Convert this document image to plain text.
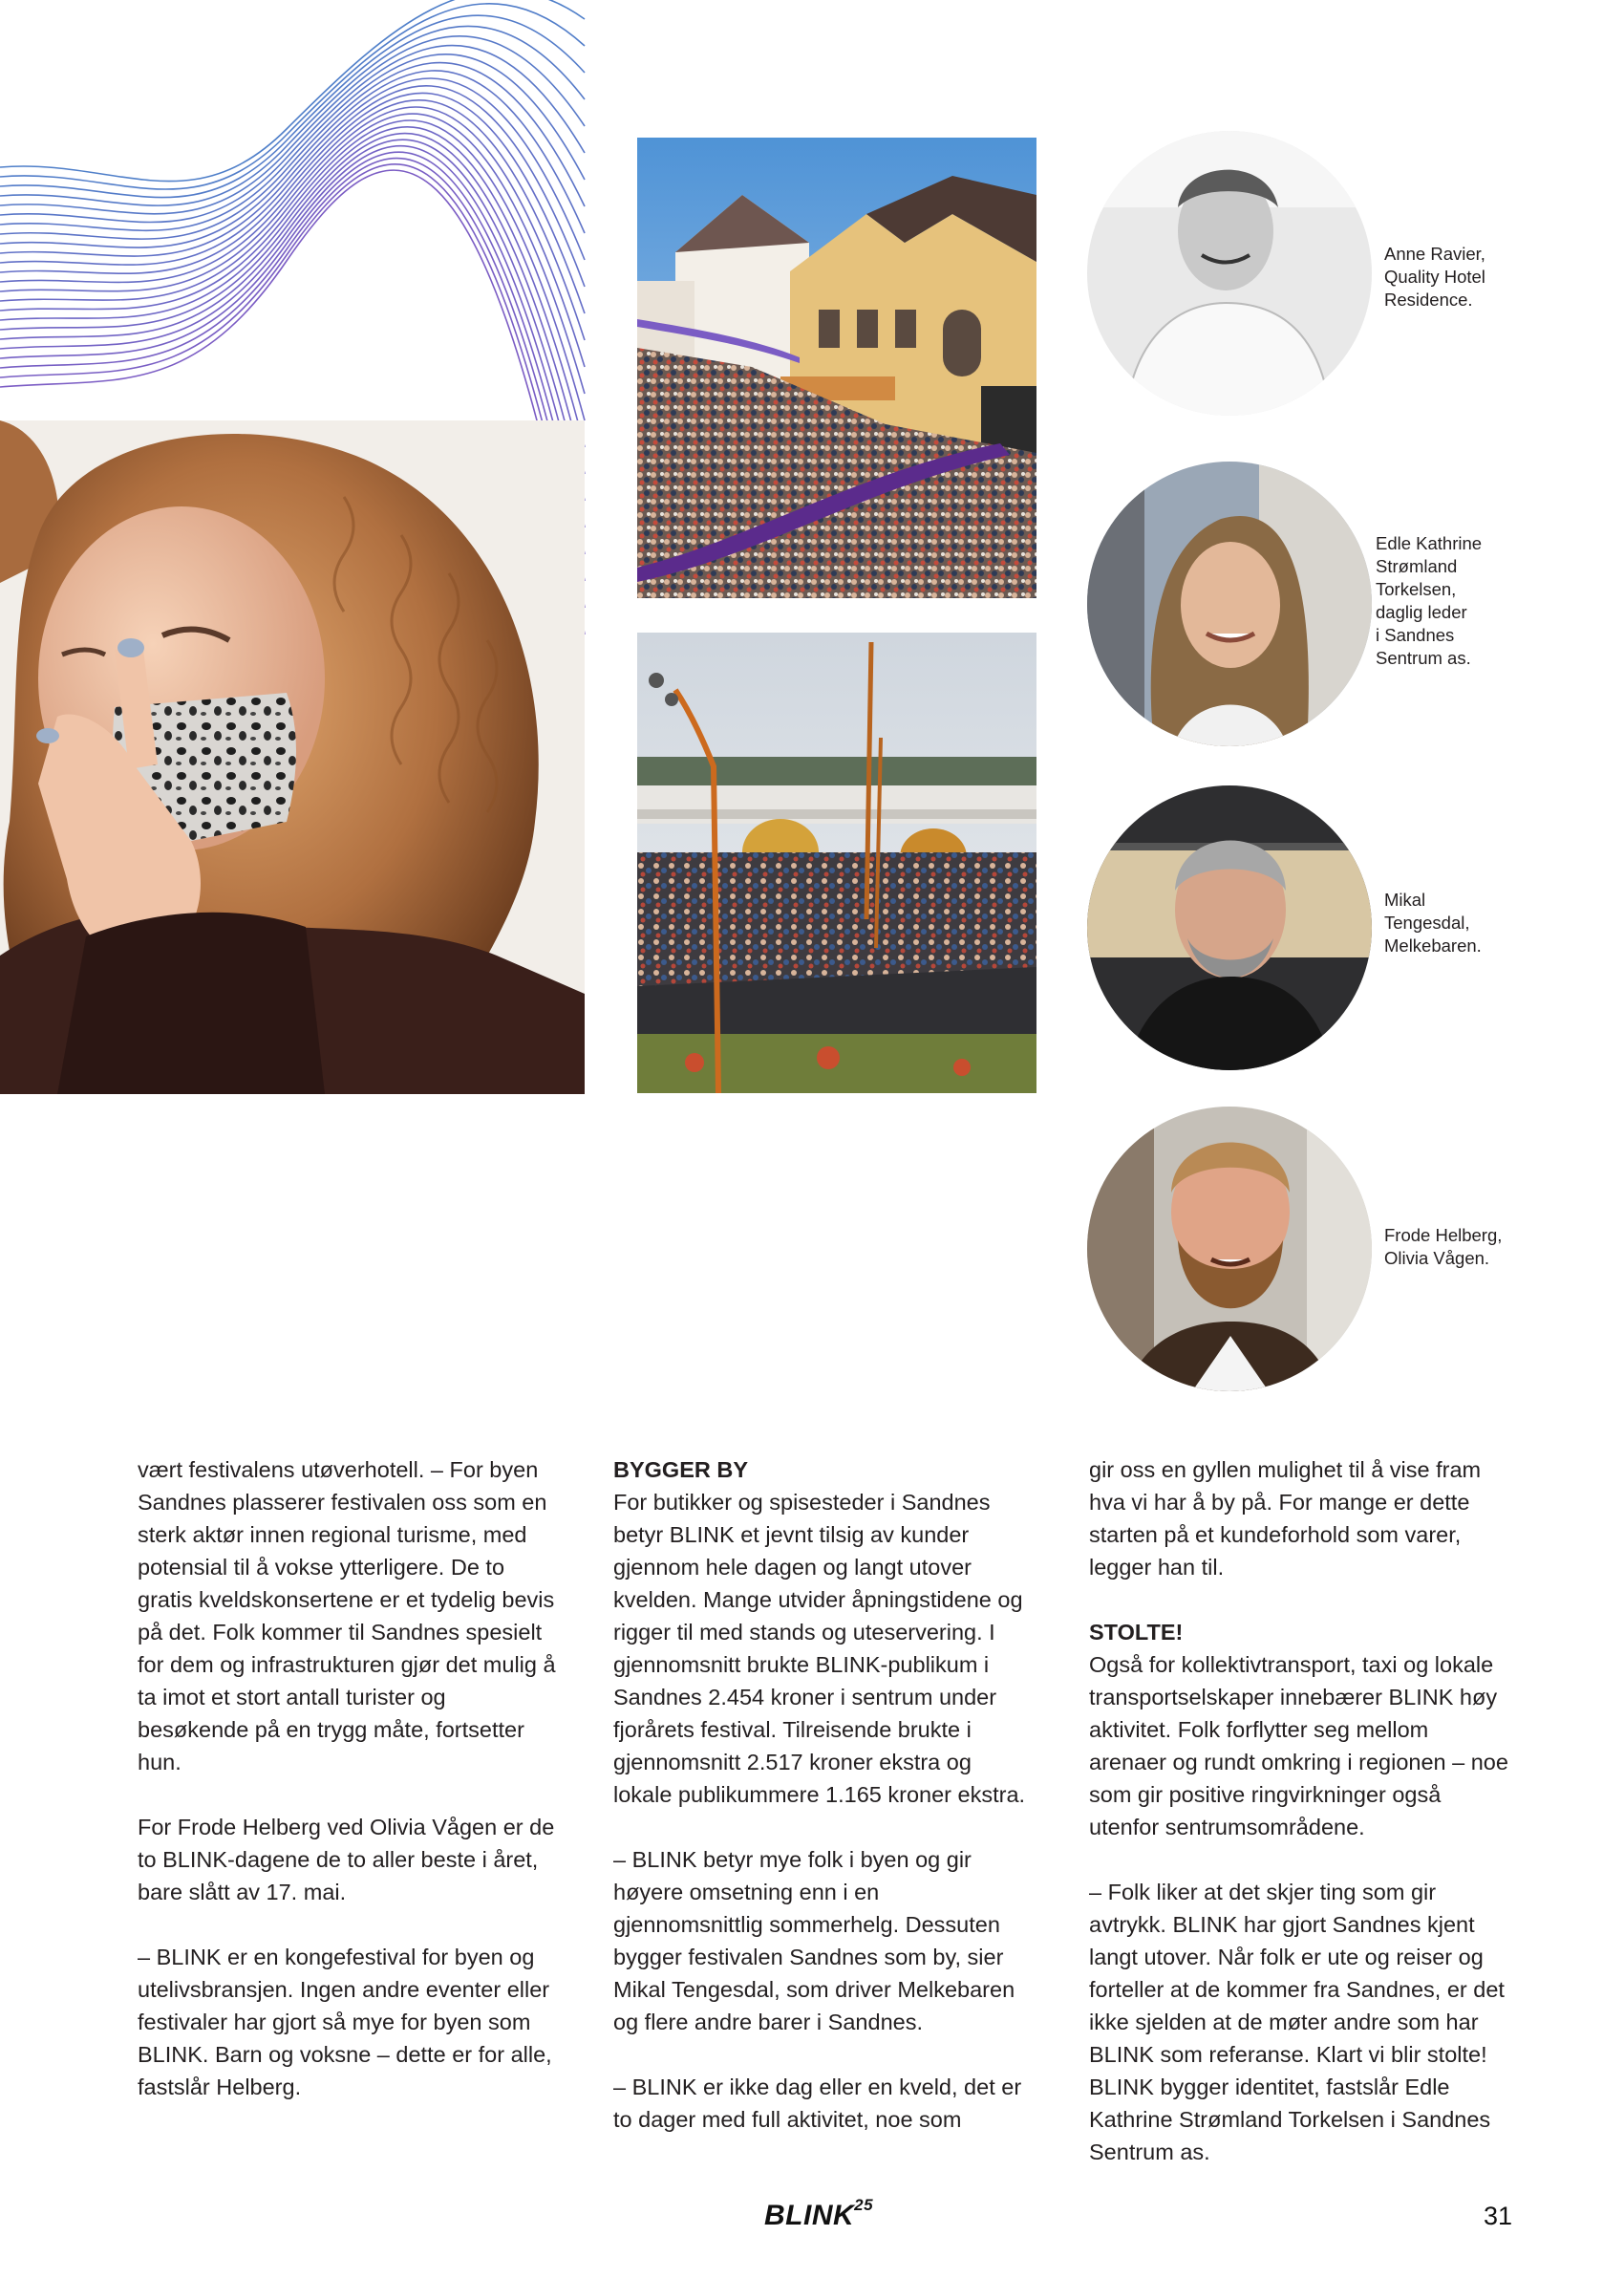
Anne Ravier,
Quality Hotel
Residence.
Edle Kathrine
Strømland
Torkelsen,
daglig leder
i Sandnes
Sentrum as.
Mikal
Tengesdal,
Melkebaren.
Frode Helberg,
Olivia Vågen.

vært festivalens utøverhotell. – For byen Sandnes plasserer festivalen oss som en sterk aktør innen regional turisme, med potensial til å vokse ytterligere. De to gratis kveldskonsertene er et tydelig bevis på det. Folk kommer til Sandnes spesielt for dem og infrastrukturen gjør det mulig å ta imot et stort antall turister og besøkende på en trygg måte, fortsetter hun.

For Frode Helberg ved Olivia Vågen er de to BLINK-dagene de to aller beste i året, bare slått av 17. mai.

– BLINK er en kongefestival for byen og utelivsbransjen. Ingen andre eventer eller festivaler har gjort så mye for byen som BLINK. Barn og voksne – dette er for alle, fastslår Helberg.

BYGGER BY

For butikker og spisesteder i Sandnes betyr BLINK et jevnt tilsig av kunder gjennom hele dagen og langt utover kvelden. Mange utvider åpningstidene og rigger til med stands og uteservering. I gjennomsnitt brukte BLINK-publikum i Sandnes 2.454 kroner i sentrum under fjorårets festival. Tilreisende brukte i gjennomsnitt 2.517 kroner ekstra og lokale publikummere 1.165 kroner ekstra.

– BLINK betyr mye folk i byen og gir høyere omsetning enn i en gjennomsnittlig sommerhelg. Dessuten bygger festivalen Sandnes som by, sier Mikal Tengesdal, som driver Melkebaren og flere andre barer i Sandnes.

– BLINK er ikke dag eller en kveld, det er to dager med full aktivitet, noe som

gir oss en gyllen mulighet til å vise fram hva vi har å by på. For mange er dette starten på et kundeforhold som varer, legger han til.

STOLTE!

Også for kollektivtransport, taxi og lokale transportselskaper innebærer BLINK høy aktivitet. Folk forflytter seg mellom arenaer og rundt omkring i regionen – noe som gir positive ringvirkninger også utenfor sentrumsområdene.

– Folk liker at det skjer ting som gir avtrykk. BLINK har gjort Sandnes kjent langt utover. Når folk er ute og reiser og forteller at de kommer fra Sandnes, er det ikke sjelden at de møter andre som har BLINK som referanse. Klart vi blir stolte! BLINK bygger identitet, fastslår Edle Kathrine Strømland Torkelsen i Sandnes Sentrum as.

BLINK$^{25}$	31
